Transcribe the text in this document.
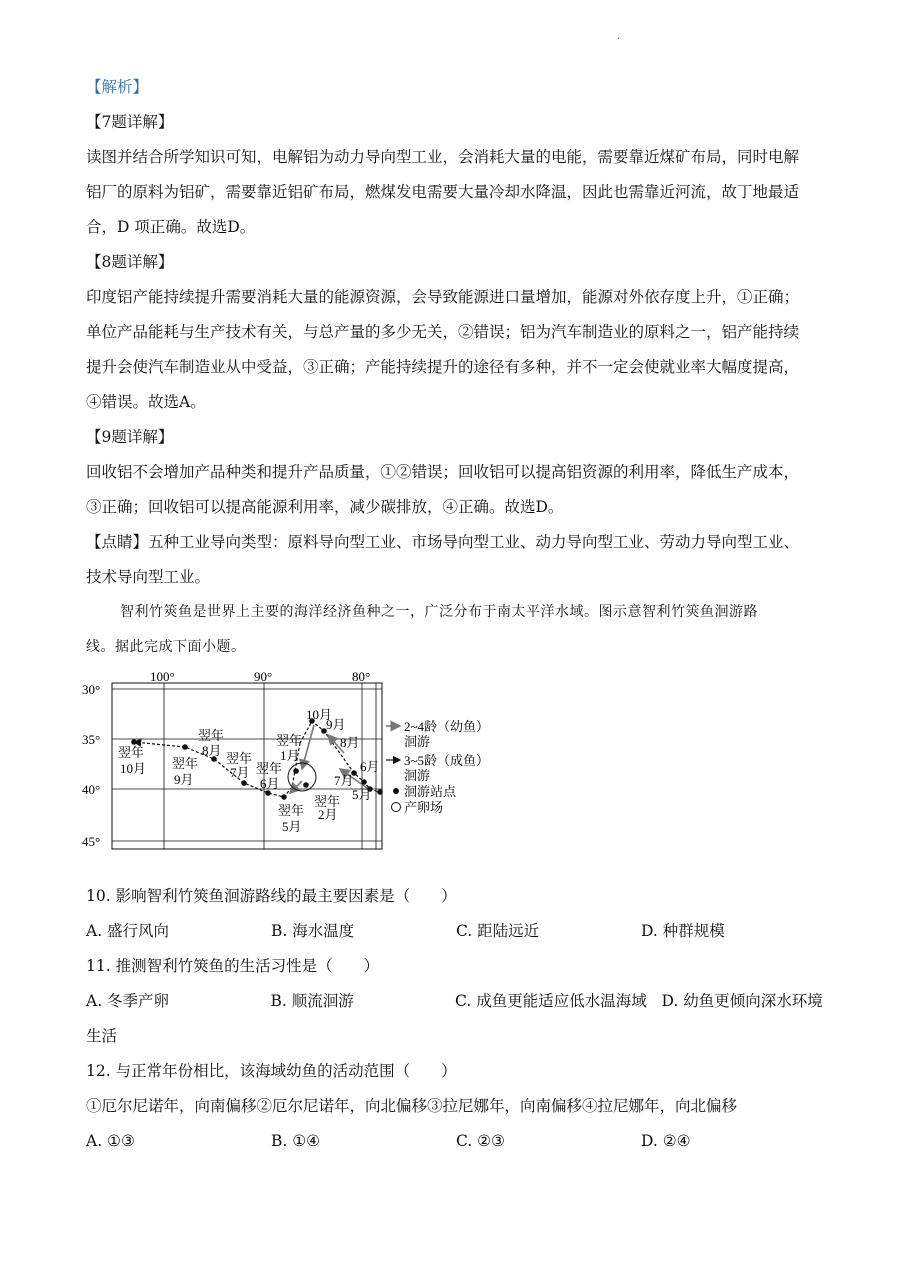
·
【解析】
【7题详解】
读图并结合所学知识可知，电解铝为动力导向型工业，会消耗大量的电能，需要靠近煤矿布局，同时电解
铝厂的原料为铝矿，需要靠近铝矿布局，燃煤发电需要大量冷却水降温，因此也需靠近河流，故丁地最适
合，D 项正确。故选D。
【8题详解】
印度铝产能持续提升需要消耗大量的能源资源，会导致能源进口量增加，能源对外依存度上升，①正确；
单位产品能耗与生产技术有关，与总产量的多少无关，②错误；铝为汽车制造业的原料之一，铝产能持续
提升会使汽车制造业从中受益，③正确；产能持续提升的途径有多种，并不一定会使就业率大幅度提高，
④错误。故选A。
【9题详解】
回收铝不会增加产品种类和提升产品质量，①②错误；回收铝可以提高铝资源的利用率，降低生产成本，
③正确；回收铝可以提高能源利用率，减少碳排放，④正确。故选D。
【点睛】五种工业导向类型：原料导向型工业、市场导向型工业、动力导向型工业、劳动力导向型工业、
技术导向型工业。
智利竹筴鱼是世界上主要的海洋经济鱼种之一，广泛分布于南太平洋水域。图示意智利竹筴鱼洄游路
线。据此完成下面小题。
100°	90°	80°
30°
35°
40°
45°
翌年
10月 翌年
9月
翌年
8月
翌年
7月 翌年
6月
翌年
1月
翌年
2月
翌年
5月
10月
9月
8月
7月
6月
5月
2~4龄（幼鱼）
洄游
3~5龄（成鱼）
洄游
洄游站点
产卵场
10. 影响智利竹筴鱼洄游路线的最主要因素是（　　）
A. 盛行风向	B. 海水温度	C. 距陆远近	D. 种群规模
11. 推测智利竹筴鱼的生活习性是（　　）
A. 冬季产卵	B. 顺流洄游	C. 成鱼更能适应低水温海域 D. 幼鱼更倾向深水环境
生活
12. 与正常年份相比，该海域幼鱼的活动范围（　　）
①厄尔尼诺年，向南偏移②厄尔尼诺年，向北偏移③拉尼娜年，向南偏移④拉尼娜年，向北偏移
A. ①③	B. ①④	C. ②③	D. ②④
